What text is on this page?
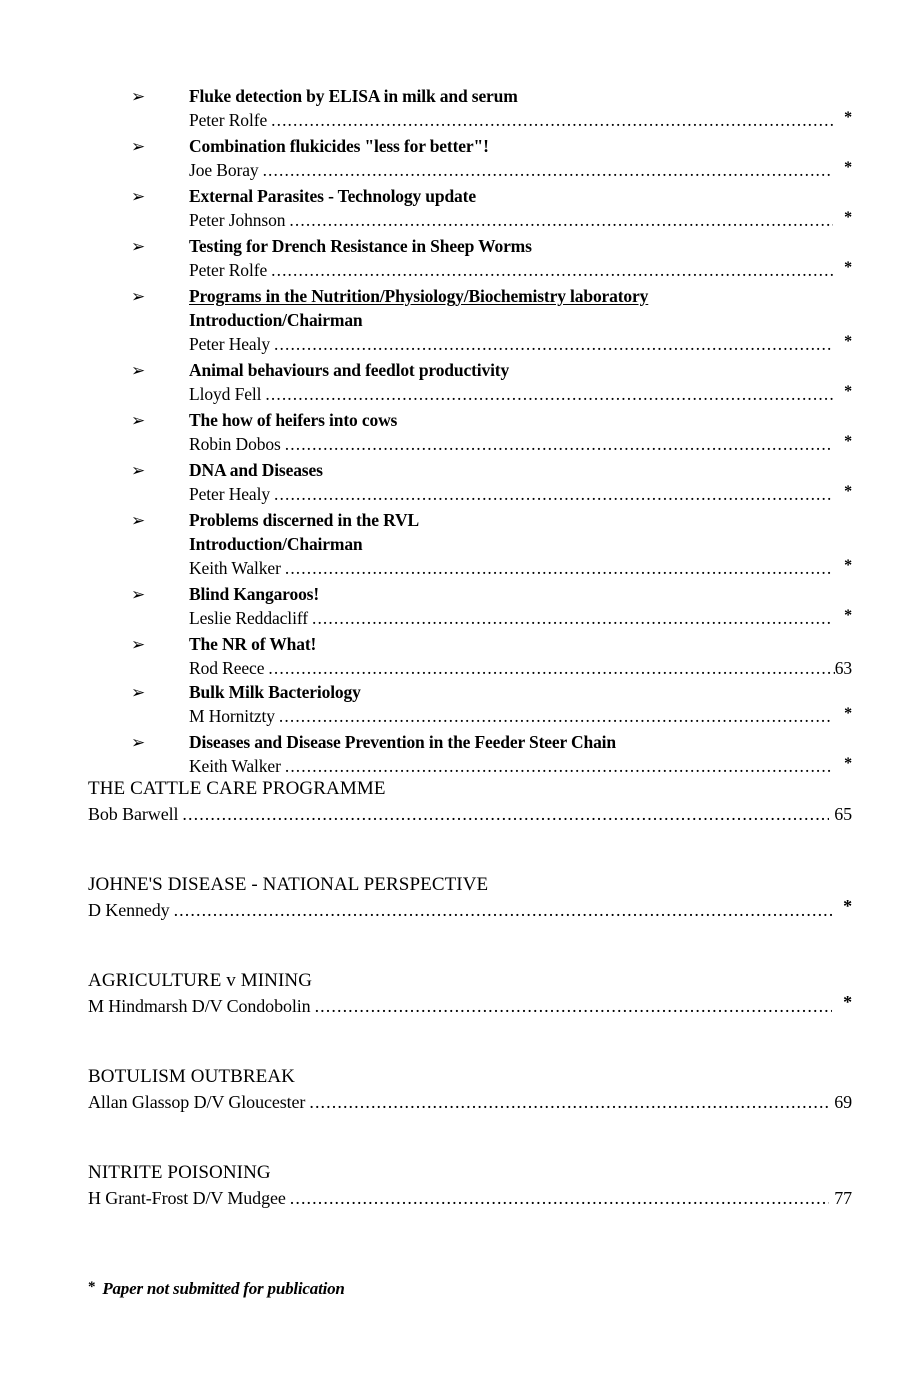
➢	Fluke detection by ELISA in milk and serum
Peter Rolfe .....	*
➢	Combination flukicides "less for better"!
Joe Boray .....	*
➢	External Parasites - Technology update
Peter Johnson .....	*
➢	Testing for Drench Resistance in Sheep Worms
Peter Rolfe .....	*
➢	Programs in the Nutrition/Physiology/Biochemistry laboratory
Introduction/Chairman
Peter Healy .....	*
➢	Animal behaviours and feedlot productivity
Lloyd Fell .....	*
➢	The how of heifers into cows
Robin Dobos .....	*
➢	DNA and Diseases
Peter Healy .....	*
➢	Problems discerned in the RVL
Introduction/Chairman
Keith Walker .....	*
➢	Blind Kangaroos!
Leslie Reddacliff .....	*
➢	The NR of What!
Rod Reece .....	63
➢	Bulk Milk Bacteriology
M Hornitzty .....	*
➢	Diseases and Disease Prevention in the Feeder Steer Chain
Keith Walker .....	*
THE CATTLE CARE PROGRAMME
Bob Barwell .....	65
JOHNE'S DISEASE - NATIONAL PERSPECTIVE
D Kennedy .....	*
AGRICULTURE v MINING
M Hindmarsh D/V Condobolin .....	*
BOTULISM OUTBREAK
Allan Glassop D/V Gloucester .....	69
NITRITE POISONING
H Grant-Frost D/V Mudgee .....	77
* Paper not submitted for publication
